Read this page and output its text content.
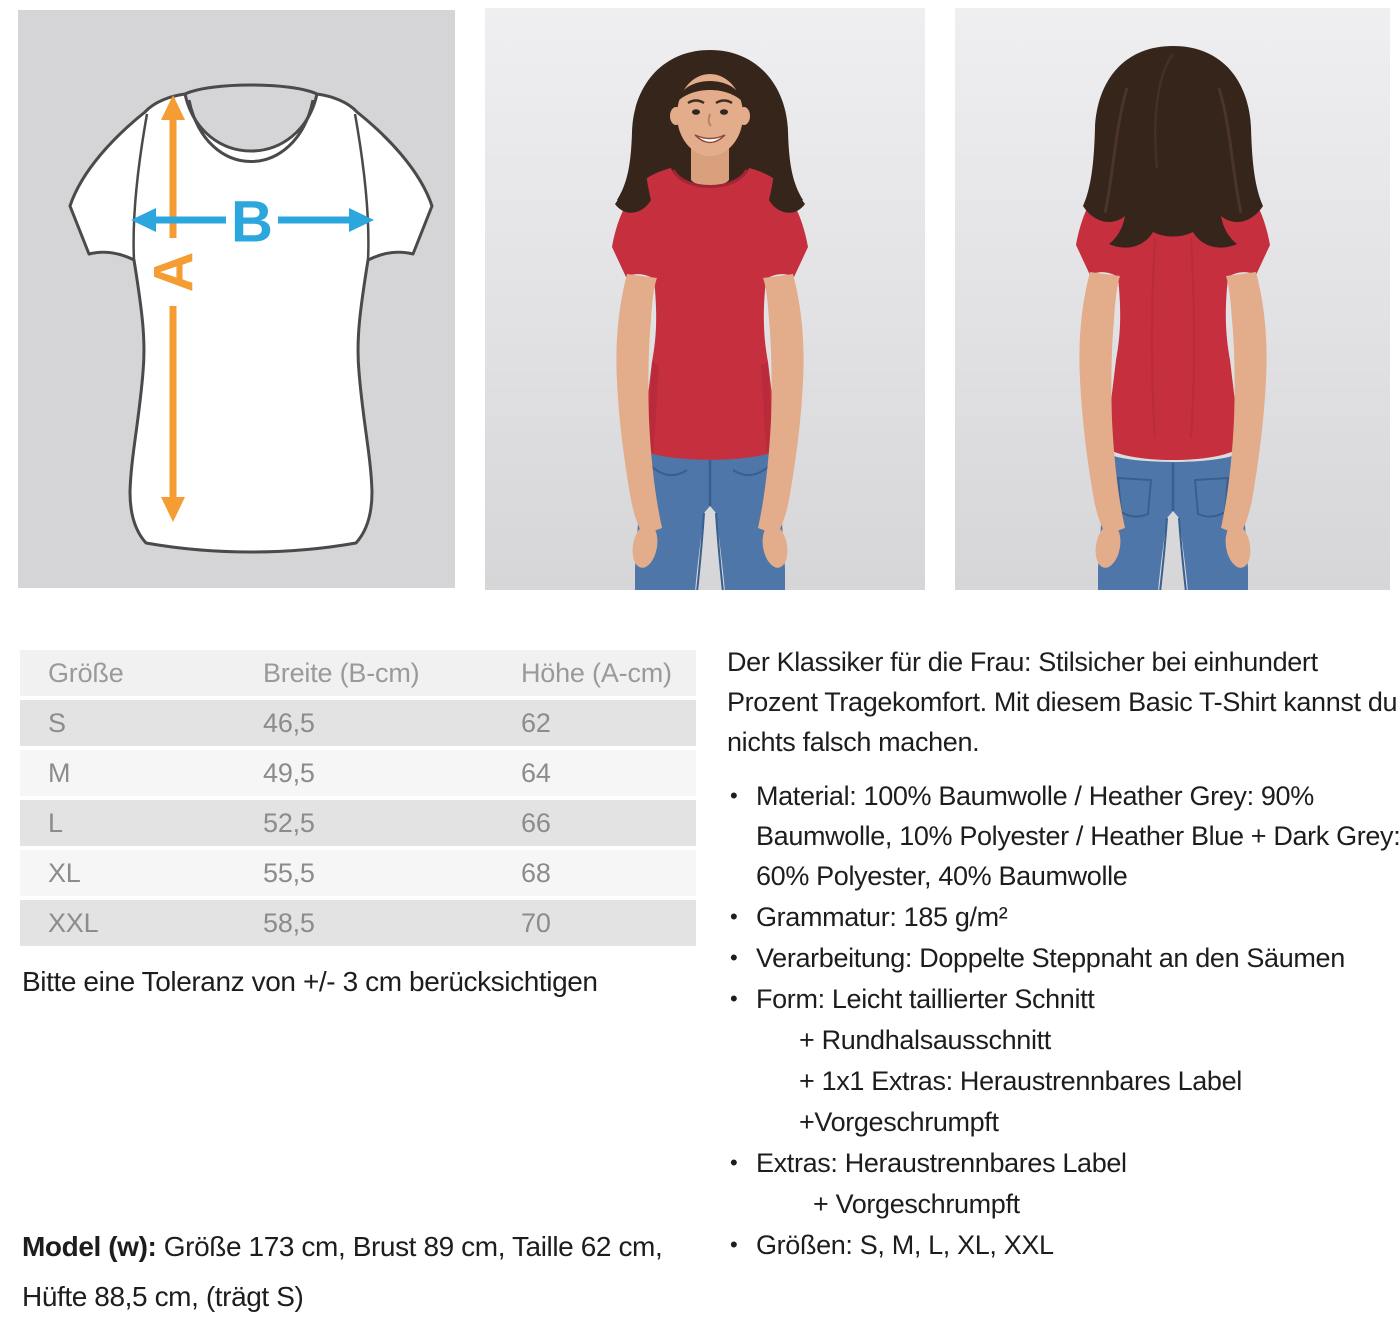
A
B
Größe	Breite (B-cm)	Höhe (A-cm)
S	46,5	62
M	49,5	64
L	52,5	66
XL	55,5	68
XXL	58,5	70

Bitte eine Toleranz von +/- 3 cm berücksichtigen

Model (w): Größe 173 cm, Brust 89 cm, Taille 62 cm, Hüfte 88,5 cm, (trägt S)

Der Klassiker für die Frau: Stilsicher bei einhundert Prozent Tragekomfort. Mit diesem Basic T-Shirt kannst du nichts falsch machen.

• Material: 100% Baumwolle / Heather Grey: 90% Baumwolle, 10% Polyester / Heather Blue + Dark Grey: 60% Polyester, 40% Baumwolle
• Grammatur: 185 g/m²
• Verarbeitung: Doppelte Steppnaht an den Säumen
• Form: Leicht taillierter Schnitt
+ Rundhalsausschnitt
+ 1x1 Extras: Heraustrennbares Label
+Vorgeschrumpft
• Extras: Heraustrennbares Label
+ Vorgeschrumpft
• Größen: S, M, L, XL, XXL
